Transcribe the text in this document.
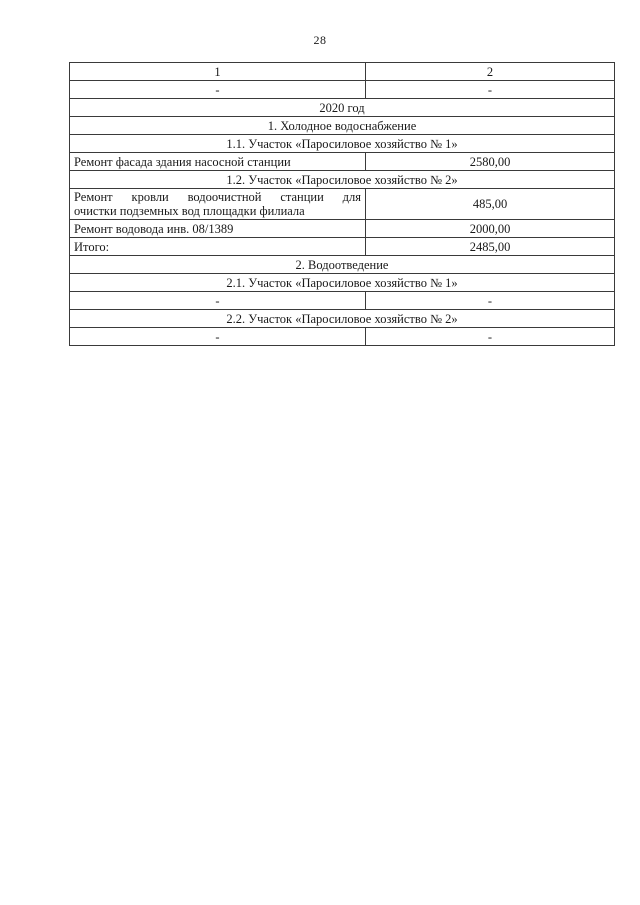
28
1	2
-	-
2020 год	
1. Холодное водоснабжение	
1.1. Участок «Паросиловое хозяйство № 1»	
Ремонт фасада здания насосной станции	2580,00
1.2. Участок «Паросиловое хозяйство № 2»	
Ремонт кровли водоочистной станции для
очистки подземных вод площадки филиала	485,00
Ремонт водовода инв. 08/1389	2000,00
Итого:	2485,00
2. Водоотведение	
2.1. Участок «Паросиловое хозяйство № 1»	
-	-
2.2. Участок «Паросиловое хозяйство № 2»	
-	-
